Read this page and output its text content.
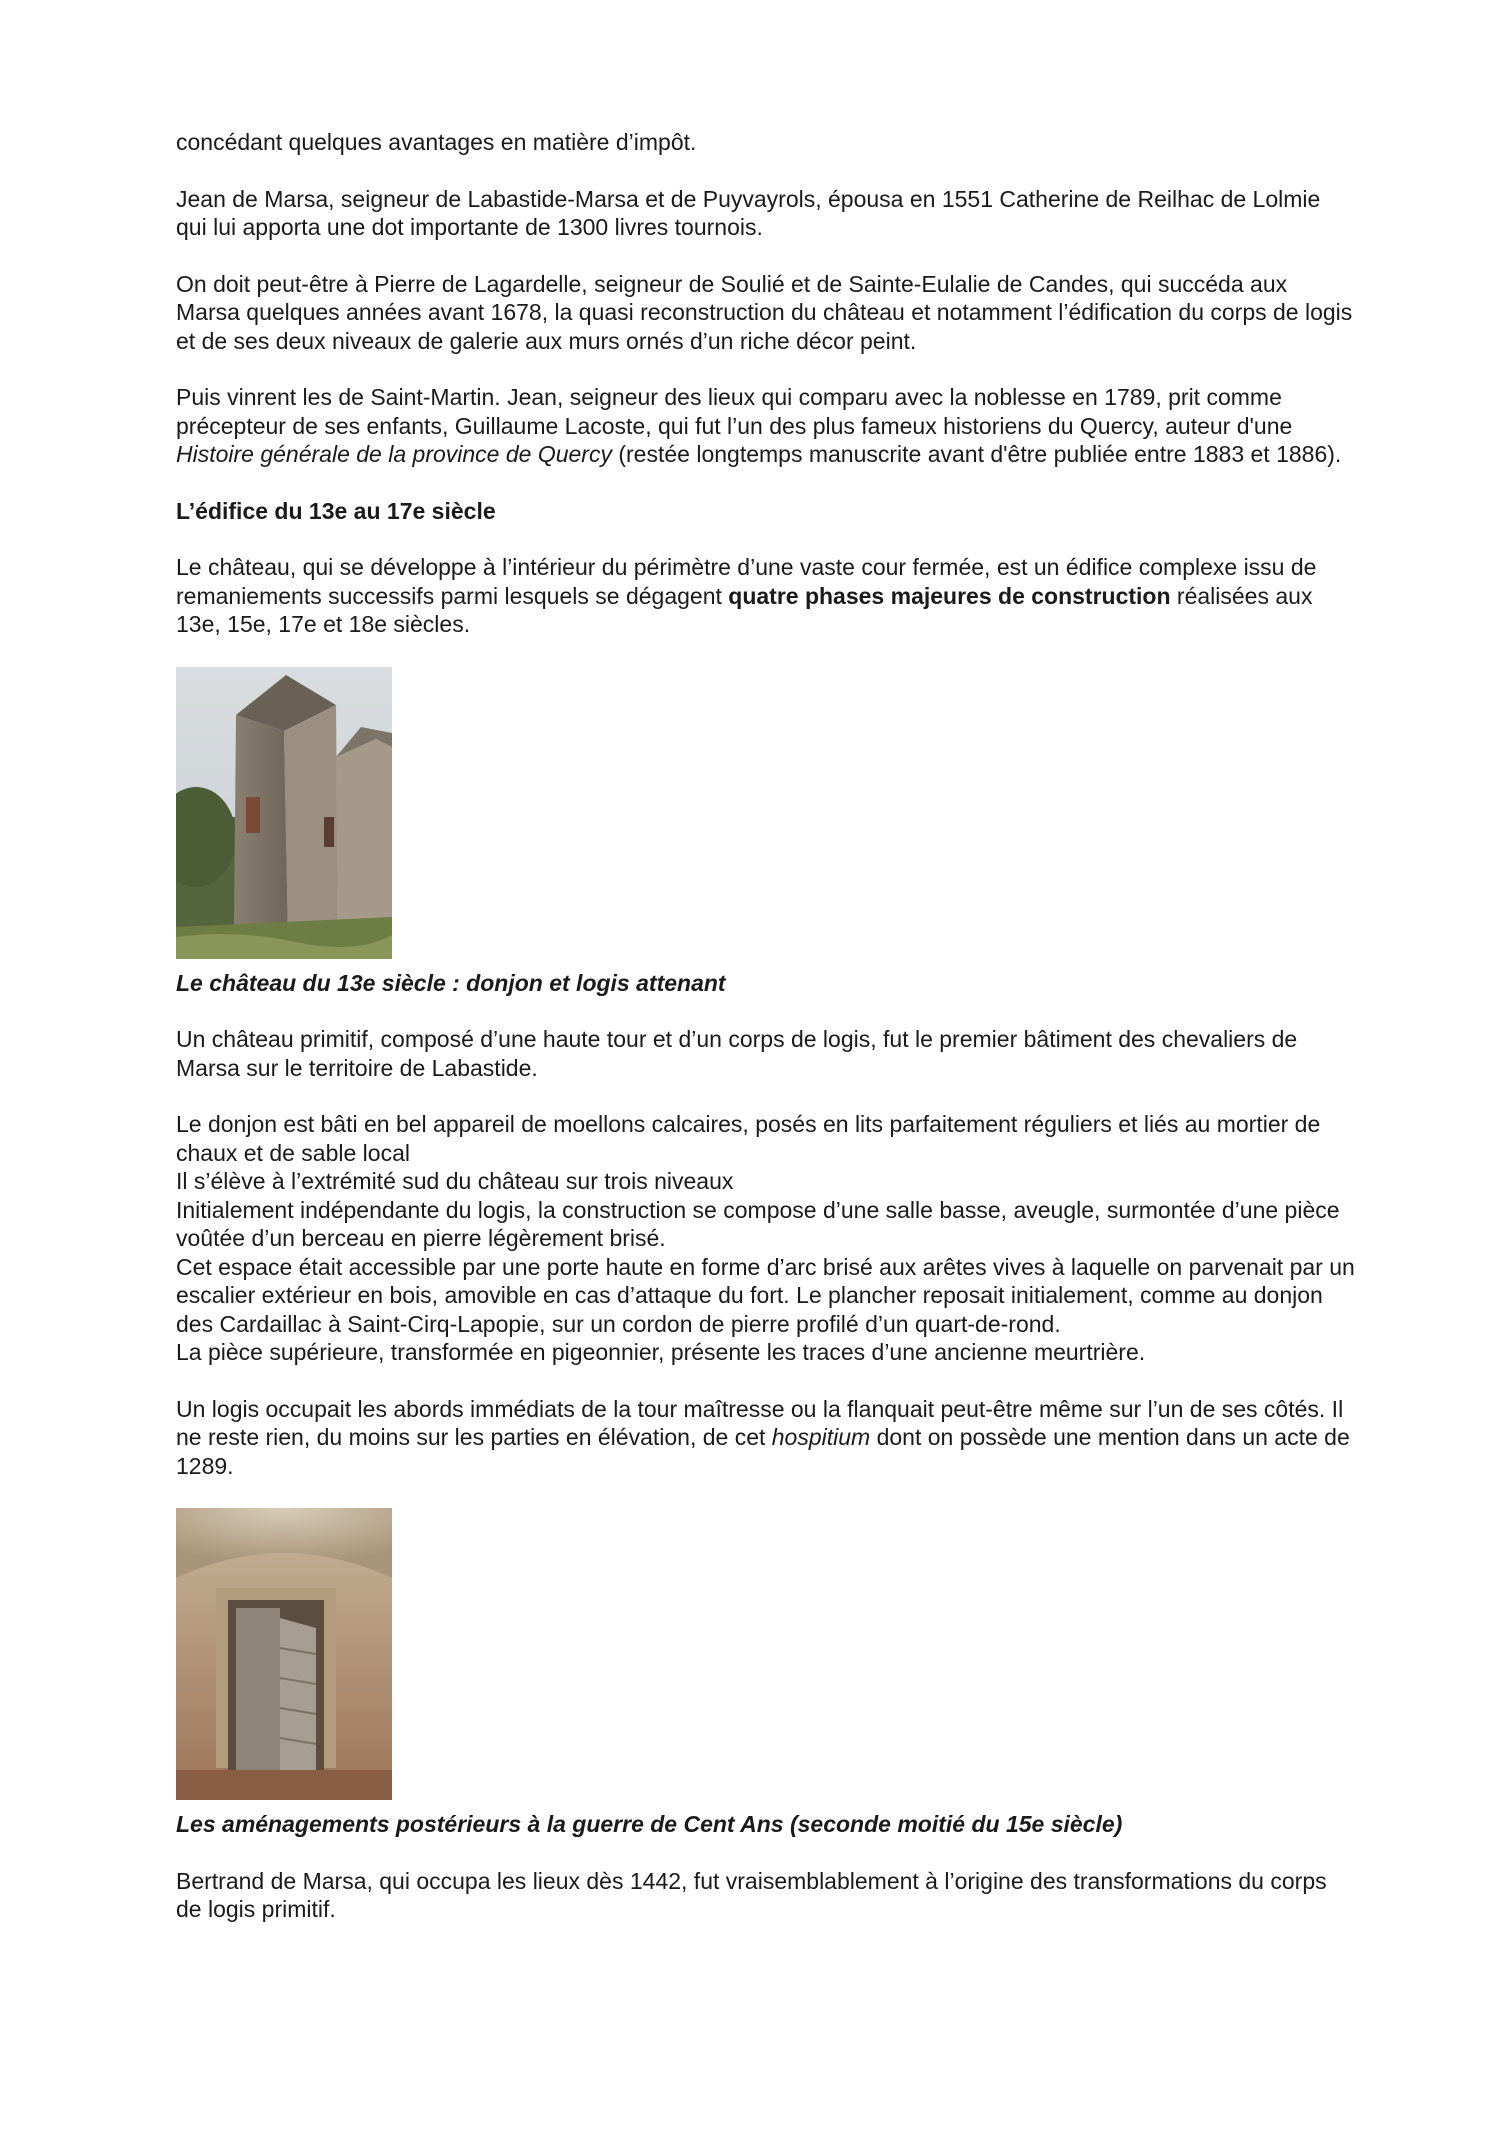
concédant quelques avantages en matière d’impôt.

Jean de Marsa, seigneur de Labastide-Marsa et de Puyvayrols, épousa en 1551 Catherine de Reilhac de Lolmie qui lui apporta une dot importante de 1300 livres tournois.

On doit peut-être à Pierre de Lagardelle, seigneur de Soulié et de Sainte-Eulalie de Candes, qui succéda aux Marsa quelques années avant 1678, la quasi reconstruction du château et notamment l’édification du corps de logis et de ses deux niveaux de galerie aux murs ornés d’un riche décor peint.

Puis vinrent les de Saint-Martin. Jean, seigneur des lieux qui comparu avec la noblesse en 1789, prit comme précepteur de ses enfants, Guillaume Lacoste, qui fut l’un des plus fameux historiens du Quercy, auteur d'une Histoire générale de la province de Quercy (restée longtemps manuscrite avant d'être publiée entre 1883 et 1886).

L’édifice du 13e au 17e siècle

Le château, qui se développe à l’intérieur du périmètre d’une vaste cour fermée, est un édifice complexe issu de remaniements successifs parmi lesquels se dégagent quatre phases majeures de construction réalisées aux 13e, 15e, 17e et 18e siècles.

Le château du 13e siècle : donjon et logis attenant

Un château primitif, composé d’une haute tour et d’un corps de logis, fut le premier bâtiment des chevaliers de Marsa sur le territoire de Labastide.

Le donjon est bâti en bel appareil de moellons calcaires, posés en lits parfaitement réguliers et liés au mortier de chaux et de sable local
Il s’élève à l’extrémité sud du château sur trois niveaux
Initialement indépendante du logis, la construction se compose d’une salle basse, aveugle, surmontée d’une pièce voûtée d’un berceau en pierre légèrement brisé.
Cet espace était accessible par une porte haute en forme d’arc brisé aux arêtes vives à laquelle on parvenait par un escalier extérieur en bois, amovible en cas d’attaque du fort. Le plancher reposait initialement, comme au donjon des Cardaillac à Saint-Cirq-Lapopie, sur un cordon de pierre profilé d’un quart-de-rond.
La pièce supérieure, transformée en pigeonnier, présente les traces d’une ancienne meurtrière.

Un logis occupait les abords immédiats de la tour maîtresse ou la flanquait peut-être même sur l’un de ses côtés. Il ne reste rien, du moins sur les parties en élévation, de cet hospitium dont on possède une mention dans un acte de 1289.

Les aménagements postérieurs à la guerre de Cent Ans (seconde moitié du 15e siècle)

Bertrand de Marsa, qui occupa les lieux dès 1442, fut vraisemblablement à l’origine des transformations du corps de logis primitif.
